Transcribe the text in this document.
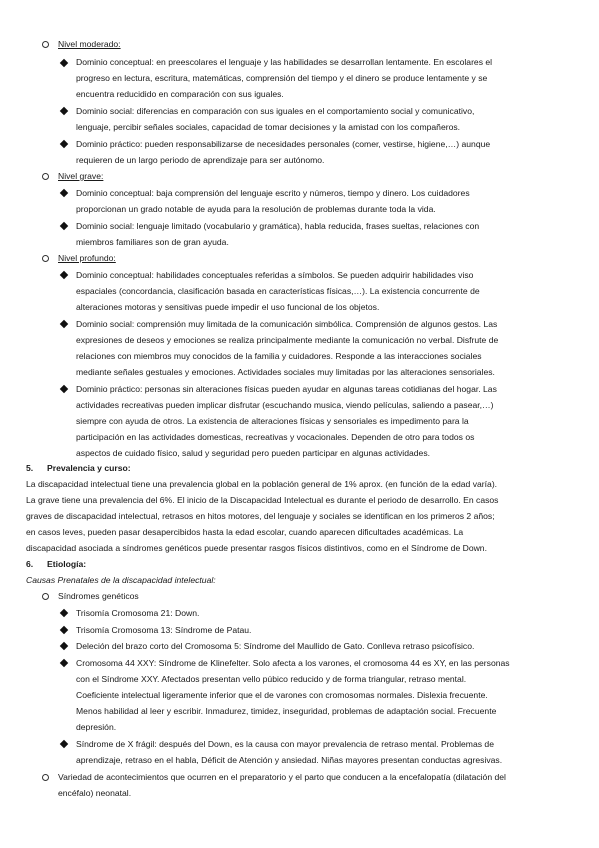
Nivel moderado:
Dominio conceptual: en preescolares el lenguaje y las habilidades se desarrollan lentamente. En escolares el
progreso en lectura, escritura, matemáticas, comprensión del tiempo y el dinero se produce lentamente y se
encuentra reducidido en comparación con sus iguales.
Dominio social: diferencias en comparación con sus iguales en el comportamiento social y comunicativo,
lenguaje, percibir señales sociales, capacidad de tomar decisiones y la amistad con los compañeros.
Dominio práctico: pueden responsabilizarse de necesidades personales (comer, vestirse, higiene,…) aunque
requieren de un largo periodo de aprendizaje para ser autónomo.
Nivel grave:
Dominio conceptual: baja comprensión del lenguaje escrito y números, tiempo y dinero. Los cuidadores
proporcionan un grado notable de ayuda para la resolución de problemas durante toda la vida.
Dominio social: lenguaje limitado (vocabulario y gramática), habla reducida, frases sueltas, relaciones con
miembros familiares son de gran ayuda.
Nivel profundo:
Dominio conceptual: habilidades conceptuales referidas a símbolos. Se pueden adquirir habilidades viso
espaciales (concordancia, clasificación basada en características físicas,…). La existencia concurrente de
alteraciones motoras y sensitivas puede impedir el uso funcional de los objetos.
Dominio social: comprensión muy limitada de la comunicación simbólica. Comprensión de algunos gestos. Las
expresiones de deseos y emociones se realiza principalmente mediante la comunicación no verbal. Disfrute de
relaciones con miembros muy conocidos de la familia y cuidadores. Responde a las interacciones sociales
mediante señales gestuales y emociones. Actividades sociales muy limitadas por las alteraciones sensoriales.
Dominio práctico: personas sin alteraciones físicas pueden ayudar en algunas tareas cotidianas del hogar. Las
actividades recreativas pueden implicar disfrutar (escuchando musica, viendo películas, saliendo a pasear,…)
siempre con ayuda de otros. La existencia de alteraciones físicas y sensoriales es impedimento para la
participación en las actividades domesticas, recreativas y vocacionales. Dependen de otro para todos os
aspectos de cuidado físico, salud y seguridad pero pueden participar en algunas actividades.
5. Prevalencia y curso:
La discapacidad intelectual tiene una prevalencia global en la población general de 1% aprox. (en función de la edad varía).
La grave tiene una prevalencia del 6%. El inicio de la Discapacidad Intelectual es durante el periodo de desarrollo. En casos
graves de discapacidad intelectual, retrasos en hitos motores, del lenguaje y sociales se identifican en los primeros 2 años;
en casos leves, pueden pasar desapercibidos hasta la edad escolar, cuando aparecen dificultades académicas. La
discapacidad asociada a síndromes genéticos puede presentar rasgos físicos distintivos, como en el Síndrome de Down.
6. Etiología:
Causas Prenatales de la discapacidad intelectual:
Síndromes genéticos
Trisomía Cromosoma 21: Down.
Trisomía Cromosoma 13: Síndrome de Patau.
Deleción del brazo corto del Cromosoma 5: Síndrome del Maullido de Gato. Conlleva retraso psicofísico.
Cromosoma 44 XXY: Síndrome de Klinefelter. Solo afecta a los varones, el cromosoma 44 es XY, en las personas
con el Síndrome XXY. Afectados presentan vello púbico reducido y de forma triangular, retraso mental.
Coeficiente intelectual ligeramente inferior que el de varones con cromosomas normales. Dislexia frecuente.
Menos habilidad al leer y escribir. Inmadurez, timidez, inseguridad, problemas de adaptación social. Frecuente
depresión.
Síndrome de X frágil: después del Down, es la causa con mayor prevalencia de retraso mental. Problemas de
aprendizaje, retraso en el habla, Déficit de Atención y ansiedad. Niñas mayores presentan conductas agresivas.
Variedad de acontecimientos que ocurren en el preparatorio y el parto que conducen a la encefalopatía (dilatación del
encéfalo) neonatal.
